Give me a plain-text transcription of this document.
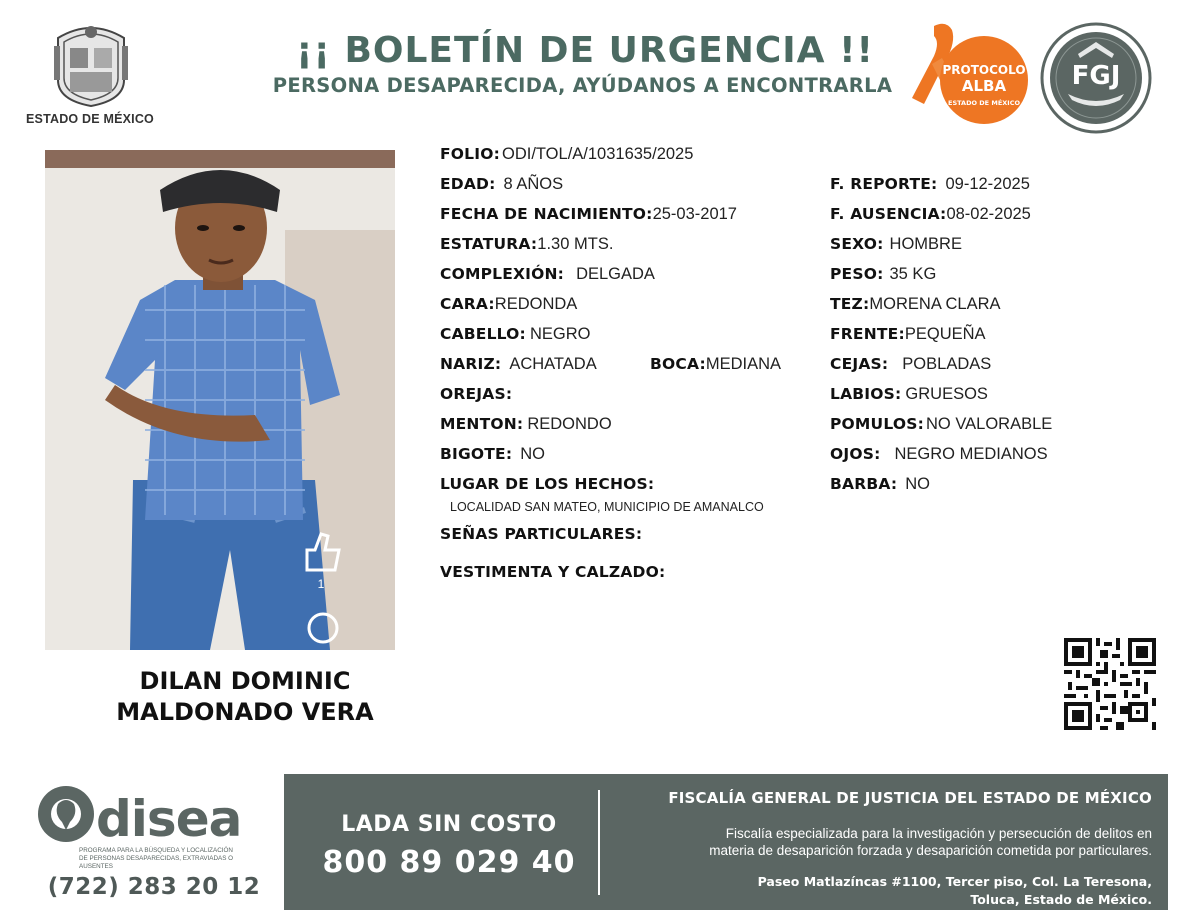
ESTADO DE MÉXICO
¡¡ BOLETÍN DE URGENCIA !!
PERSONA DESAPARECIDA, AYÚDANOS A ENCONTRARLA
PROTOCOLO
ALBA
ESTADO DE MÉXICO
FGJ
1
DILAN DOMINIC
MALDONADO VERA
FOLIO: ODI/TOL/A/1031635/2025
EDAD: 8 AÑOS
FECHA DE NACIMIENTO:25-03-2017
ESTATURA:1.30 MTS.
COMPLEXIÓN: DELGADA
CARA:REDONDA
CABELLO: NEGRO
NARIZ: ACHATADA	BOCA:MEDIANA
OREJAS:
MENTON: REDONDO
BIGOTE: NO
LUGAR DE LOS HECHOS:
LOCALIDAD SAN MATEO, MUNICIPIO DE AMANALCO
SEÑAS PARTICULARES:
VESTIMENTA Y CALZADO:
F. REPORTE: 09-12-2025
F. AUSENCIA:08-02-2025
SEXO: HOMBRE
PESO: 35 KG
TEZ:MORENA CLARA
FRENTE:PEQUEÑA
CEJAS: POBLADAS
LABIOS: GRUESOS
POMULOS: NO VALORABLE
OJOS: NEGRO MEDIANOS
BARBA: NO
disea
PROGRAMA PARA LA BÚSQUEDA Y LOCALIZACIÓN
DE PERSONAS DESAPARECIDAS, EXTRAVIADAS O
AUSENTES
(722) 283 20 12
LADA SIN COSTO
800 89 029 40
FISCALÍA GENERAL DE JUSTICIA DEL ESTADO DE MÉXICO
Fiscalía especializada para la investigación y persecución de delitos en
materia de desaparición forzada y desaparición cometida por particulares.
Paseo Matlazíncas #1100, Tercer piso, Col. La Teresona,
Toluca, Estado de México.
